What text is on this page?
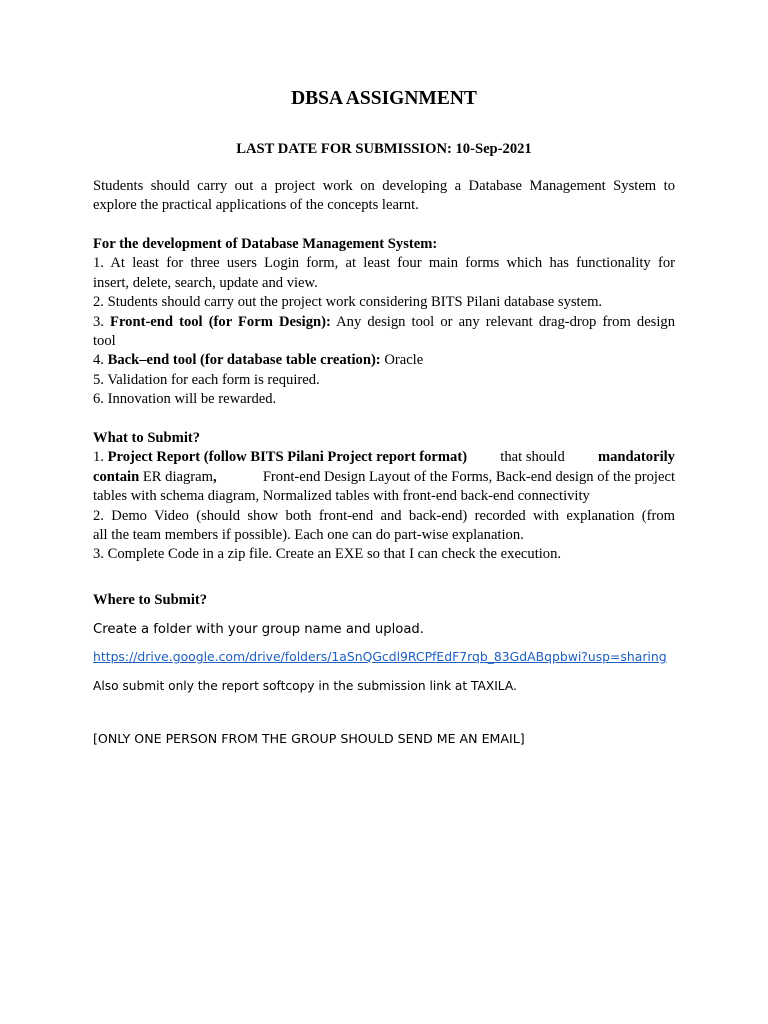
DBSA ASSIGNMENT
LAST DATE FOR SUBMISSION: 10-Sep-2021
Students should carry out a project work on developing a Database Management System to
explore the practical applications of the concepts learnt.
For the development of Database Management System:
1. At least for three users Login form, at least four main forms which has functionality for
insert, delete, search, update and view.
2. Students should carry out the project work considering BITS Pilani database system.
3. Front-end tool (for Form Design): Any design tool or any relevant drag-drop from design
tool
4. Back–end tool (for database table creation): Oracle
5. Validation for each form is required.
6. Innovation will be rewarded.
What to Submit?
1. Project Report (follow BITS Pilani Project report format) that should mandatorily
contain ER diagram,	Front-end Design Layout of the Forms, Back-end design of the project
tables with schema diagram, Normalized tables with front-end back-end connectivity
2. Demo Video (should show both front-end and back-end) recorded with explanation (from
all the team members if possible). Each one can do part-wise explanation.
3. Complete Code in a zip file. Create an EXE so that I can check the execution.
Where to Submit?
Create a folder with your group name and upload.
https://drive.google.com/drive/folders/1aSnQGcdl9RCPfEdF7rqb_83GdABqpbwi?usp=sharing
Also submit only the report softcopy in the submission link at TAXILA.
[ONLY ONE PERSON FROM THE GROUP SHOULD SEND ME AN EMAIL]
